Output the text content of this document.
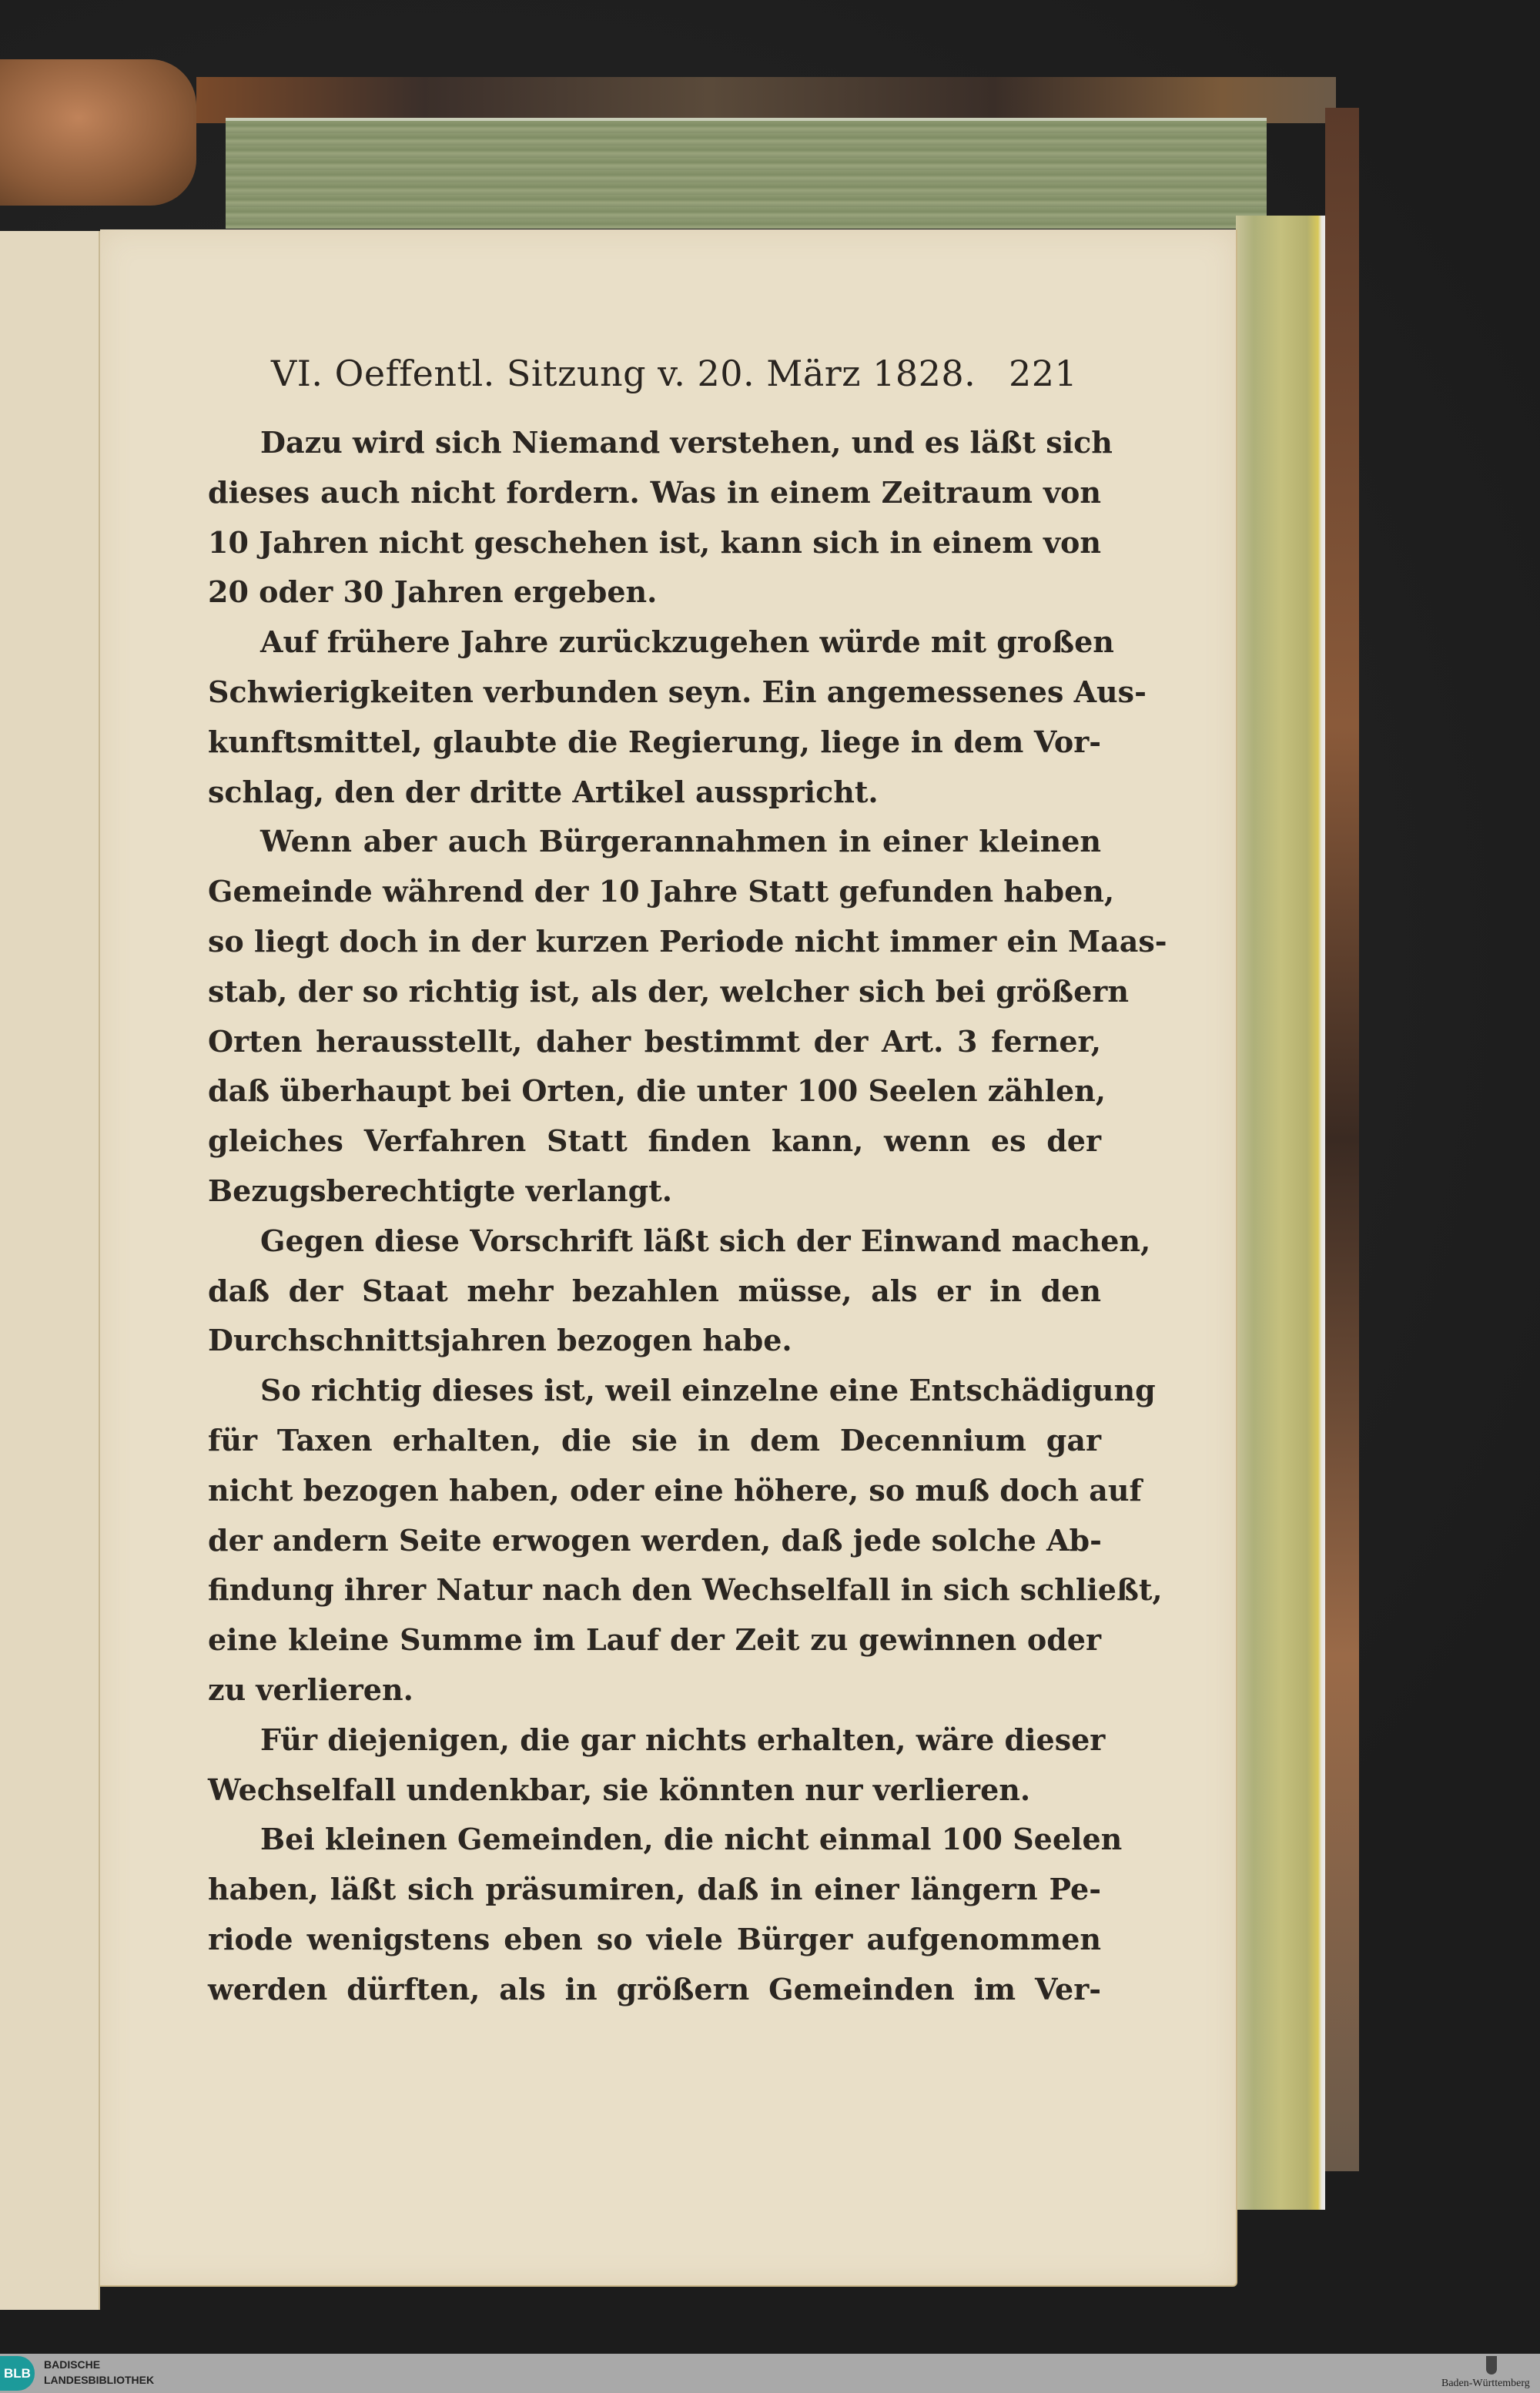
VI. Oeffentl. Sitzung v. 20. März 1828. 221
Dazu wird sich Niemand verstehen, und es läßt sich
dieses auch nicht fordern. Was in einem Zeitraum von
10 Jahren nicht geschehen ist, kann sich in einem von
20 oder 30 Jahren ergeben.
Auf frühere Jahre zurückzugehen würde mit großen
Schwierigkeiten verbunden seyn. Ein angemessenes Aus-
kunftsmittel, glaubte die Regierung, liege in dem Vor-
schlag, den der dritte Artikel ausspricht.
Wenn aber auch Bürgerannahmen in einer kleinen
Gemeinde während der 10 Jahre Statt gefunden haben,
so liegt doch in der kurzen Periode nicht immer ein Maas-
stab, der so richtig ist, als der, welcher sich bei größern
Orten herausstellt, daher bestimmt der Art. 3 ferner,
daß überhaupt bei Orten, die unter 100 Seelen zählen,
gleiches Verfahren Statt finden kann, wenn es der
Bezugsberechtigte verlangt.
Gegen diese Vorschrift läßt sich der Einwand machen,
daß der Staat mehr bezahlen müsse, als er in den
Durchschnittsjahren bezogen habe.
So richtig dieses ist, weil einzelne eine Entschädigung
für Taxen erhalten, die sie in dem Decennium gar
nicht bezogen haben, oder eine höhere, so muß doch auf
der andern Seite erwogen werden, daß jede solche Ab-
findung ihrer Natur nach den Wechselfall in sich schließt,
eine kleine Summe im Lauf der Zeit zu gewinnen oder
zu verlieren.
Für diejenigen, die gar nichts erhalten, wäre dieser
Wechselfall undenkbar, sie könnten nur verlieren.
Bei kleinen Gemeinden, die nicht einmal 100 Seelen
haben, läßt sich präsumiren, daß in einer längern Pe-
riode wenigstens eben so viele Bürger aufgenommen
werden dürften, als in größern Gemeinden im Ver-
BLB
BADISCHE
LANDESBIBLIOTHEK	Baden-Württemberg
